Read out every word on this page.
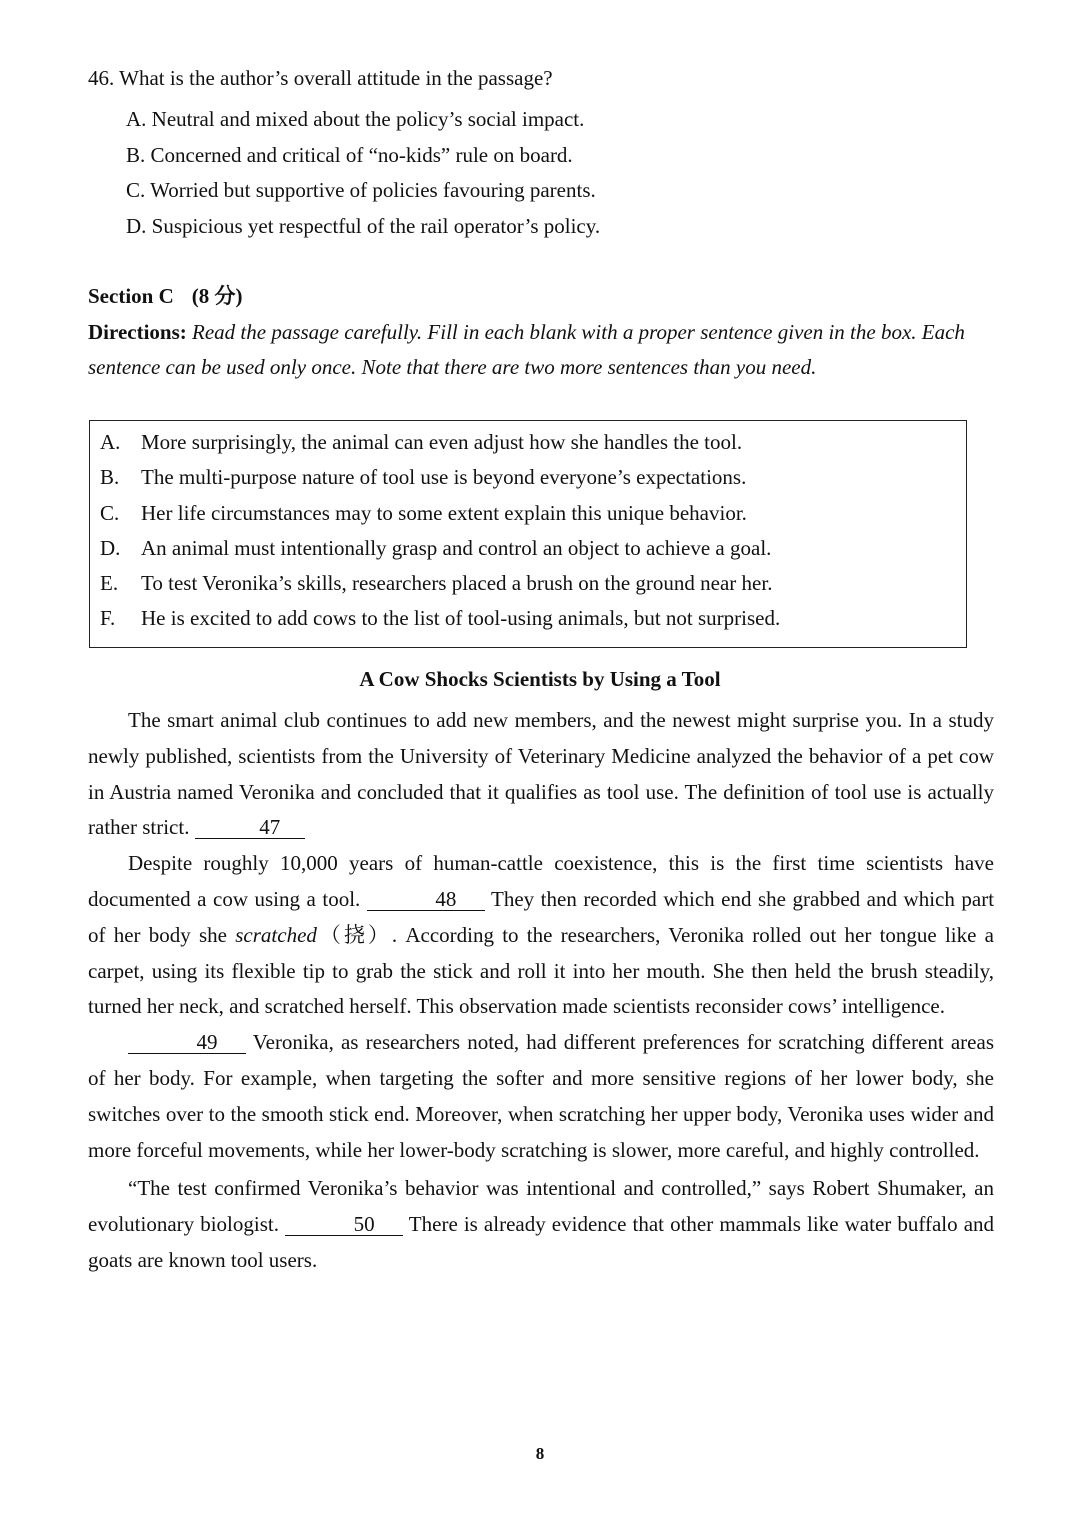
46. What is the author’s overall attitude in the passage?
A. Neutral and mixed about the policy’s social impact.
B. Concerned and critical of “no-kids” rule on board.
C. Worried but supportive of policies favouring parents.
D. Suspicious yet respectful of the rail operator’s policy.
Section C (8 分)
Directions: Read the passage carefully. Fill in each blank with a proper sentence given in the box. Each sentence can be used only once. Note that there are two more sentences than you need.
A. More surprisingly, the animal can even adjust how she handles the tool.
B.	The multi-purpose nature of tool use is beyond everyone’s expectations.
C.	Her life circumstances may to some extent explain this unique behavior.
D. An animal must intentionally grasp and control an object to achieve a goal.
E.	To test Veronika’s skills, researchers placed a brush on the ground near her.
F.	He is excited to add cows to the list of tool-using animals, but not surprised.
A Cow Shocks Scientists by Using a Tool

The smart animal club continues to add new members, and the newest might surprise you. In a study newly published, scientists from the University of Veterinary Medicine analyzed the behavior of a pet cow in Austria named Veronika and concluded that it qualifies as tool use. The definition of tool use is actually rather strict.	47

Despite roughly 10,000 years of human-cattle coexistence, this is the first time scientists have documented a cow using a tool.	48 They then recorded which end she grabbed and which part of her body she scratched（挠）. According to the researchers, Veronika rolled out her tongue like a carpet, using its flexible tip to grab the stick and roll it into her mouth. She then held the brush steadily, turned her neck, and scratched herself. This observation made scientists reconsider cows’ intelligence.

49 Veronika, as researchers noted, had different preferences for scratching different areas of her body. For example, when targeting the softer and more sensitive regions of her lower body, she switches over to the smooth stick end. Moreover, when scratching her upper body, Veronika uses wider and more forceful movements, while her lower-body scratching is slower, more careful, and highly controlled.

“The test confirmed Veronika’s behavior was intentional and controlled,” says Robert Shumaker, an evolutionary biologist.	50 There is already evidence that other mammals like water buffalo and goats are known tool users.

8
